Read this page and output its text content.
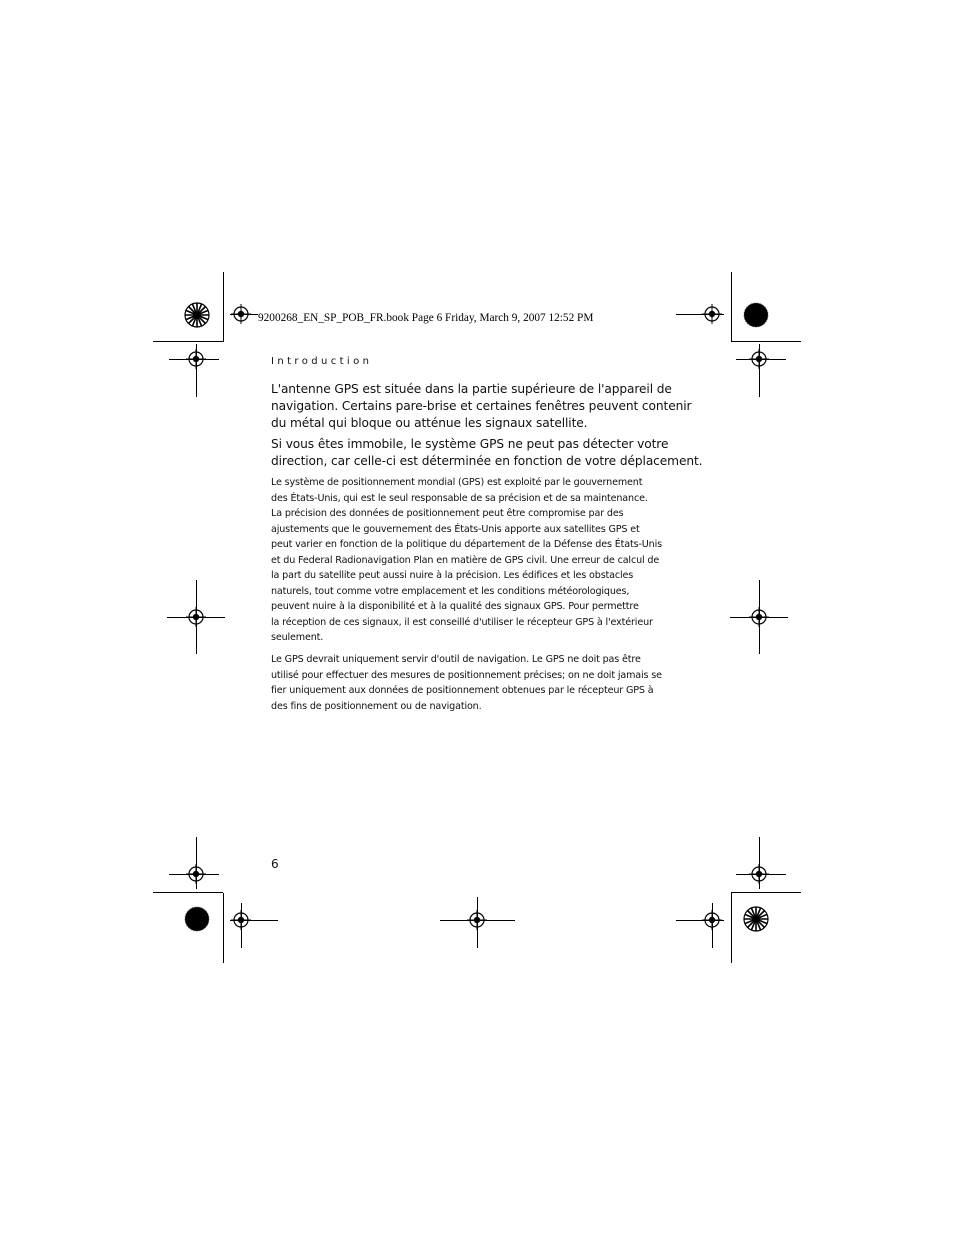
9200268_EN_SP_POB_FR.book Page 6 Friday, March 9, 2007 12:52 PM
Introduction
L'antenne GPS est située dans la partie supérieure de l'appareil de
navigation. Certains pare-brise et certaines fenêtres peuvent contenir
du métal qui bloque ou atténue les signaux satellite.
Si vous êtes immobile, le système GPS ne peut pas détecter votre
direction, car celle-ci est déterminée en fonction de votre déplacement.
Le système de positionnement mondial (GPS) est exploité par le gouvernement
des États-Unis, qui est le seul responsable de sa précision et de sa maintenance.
La précision des données de positionnement peut être compromise par des
ajustements que le gouvernement des États-Unis apporte aux satellites GPS et
peut varier en fonction de la politique du département de la Défense des États-Unis
et du Federal Radionavigation Plan en matière de GPS civil. Une erreur de calcul de
la part du satellite peut aussi nuire à la précision. Les édifices et les obstacles
naturels, tout comme votre emplacement et les conditions météorologiques,
peuvent nuire à la disponibilité et à la qualité des signaux GPS. Pour permettre
la réception de ces signaux, il est conseillé d'utiliser le récepteur GPS à l'extérieur
seulement.
Le GPS devrait uniquement servir d'outil de navigation. Le GPS ne doit pas être
utilisé pour effectuer des mesures de positionnement précises; on ne doit jamais se
fier uniquement aux données de positionnement obtenues par le récepteur GPS à
des fins de positionnement ou de navigation.
6
